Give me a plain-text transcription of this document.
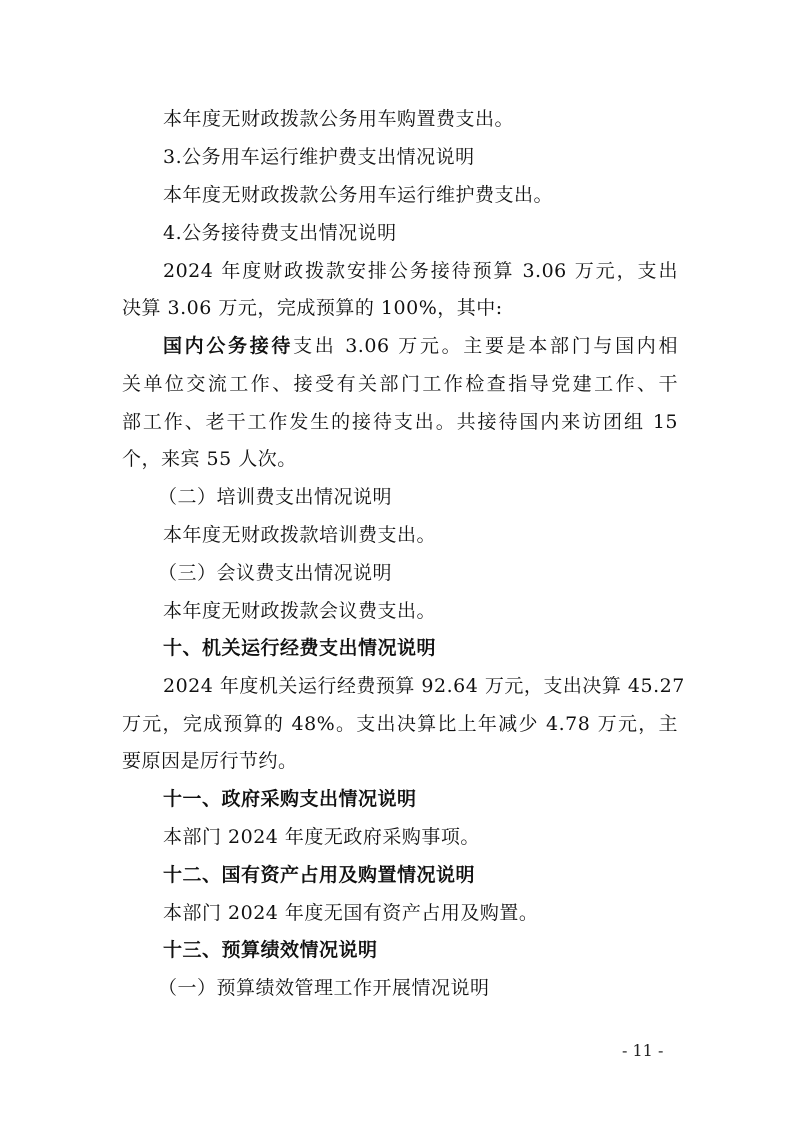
本年度无财政拨款公务用车购置费支出。
3.公务用车运行维护费支出情况说明
本年度无财政拨款公务用车运行维护费支出。
4.公务接待费支出情况说明
2024 年度财政拨款安排公务接待预算 3.06 万元，支出
决算 3.06 万元，完成预算的 100%，其中:
国内公务接待支出 3.06 万元。主要是本部门与国内相
关单位交流工作、接受有关部门工作检查指导党建工作、干
部工作、老干工作发生的接待支出。共接待国内来访团组 15
个，来宾 55 人次。
（二）培训费支出情况说明
本年度无财政拨款培训费支出。
（三）会议费支出情况说明
本年度无财政拨款会议费支出。
十、机关运行经费支出情况说明
2024 年度机关运行经费预算 92.64 万元，支出决算 45.27
万元，完成预算的 48%。支出决算比上年减少 4.78 万元，主
要原因是厉行节约。
十一、政府采购支出情况说明
本部门 2024 年度无政府采购事项。
十二、国有资产占用及购置情况说明
本部门 2024 年度无国有资产占用及购置。
十三、预算绩效情况说明
（一）预算绩效管理工作开展情况说明
- 11 -
